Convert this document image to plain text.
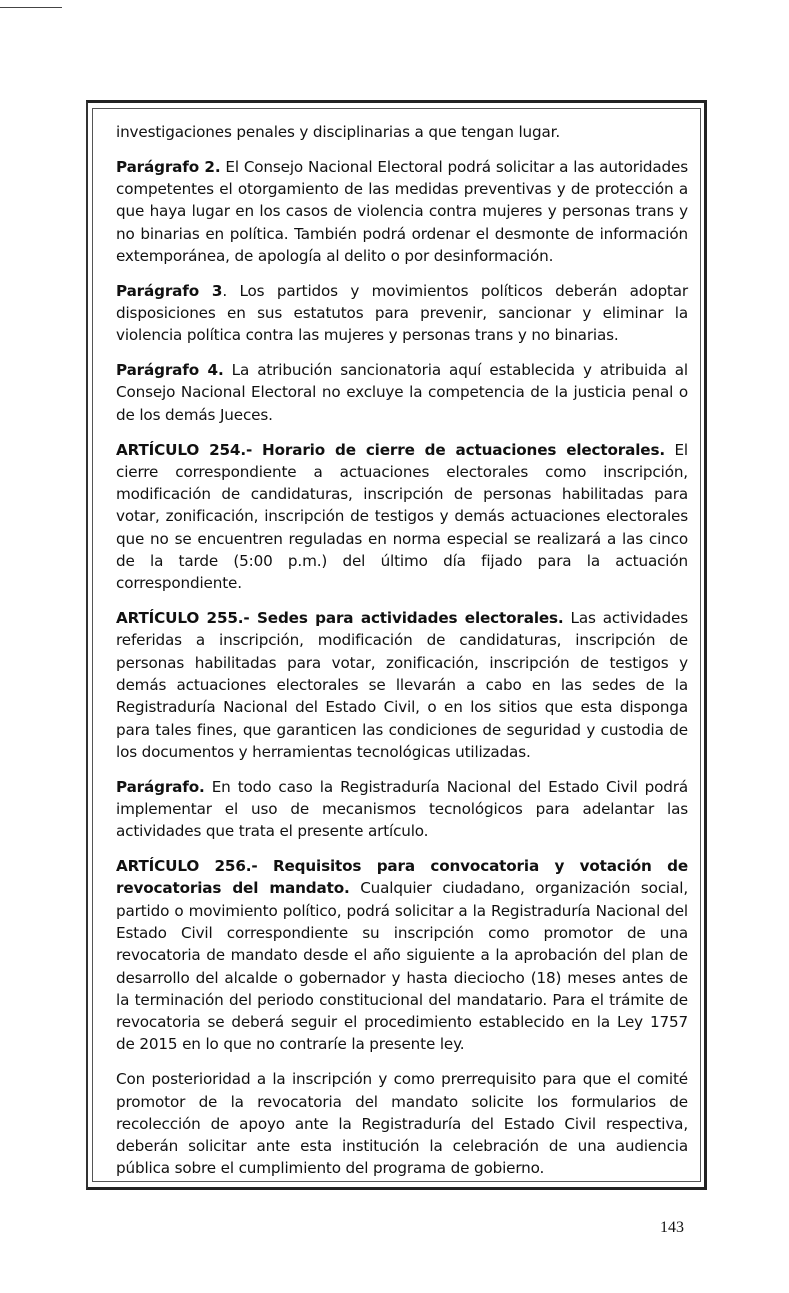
investigaciones penales y disciplinarias a que tengan lugar.

Parágrafo 2. El Consejo Nacional Electoral podrá solicitar a las autoridades competentes el otorgamiento de las medidas preventivas y de protección a que haya lugar en los casos de violencia contra mujeres y personas trans y no binarias en política. También podrá ordenar el desmonte de información extemporánea, de apología al delito o por desinformación.

Parágrafo 3. Los partidos y movimientos políticos deberán adoptar disposiciones en sus estatutos para prevenir, sancionar y eliminar la violencia política contra las mujeres y personas trans y no binarias.

Parágrafo 4. La atribución sancionatoria aquí establecida y atribuida al Consejo Nacional Electoral no excluye la competencia de la justicia penal o de los demás Jueces.

ARTÍCULO 254.- Horario de cierre de actuaciones electorales. El cierre correspondiente a actuaciones electorales como inscripción, modificación de candidaturas, inscripción de personas habilitadas para votar, zonificación, inscripción de testigos y demás actuaciones electorales que no se encuentren reguladas en norma especial se realizará a las cinco de la tarde (5:00 p.m.) del último día fijado para la actuación correspondiente.

ARTÍCULO 255.- Sedes para actividades electorales. Las actividades referidas a inscripción, modificación de candidaturas, inscripción de personas habilitadas para votar, zonificación, inscripción de testigos y demás actuaciones electorales se llevarán a cabo en las sedes de la Registraduría Nacional del Estado Civil, o en los sitios que esta disponga para tales fines, que garanticen las condiciones de seguridad y custodia de los documentos y herramientas tecnológicas utilizadas.

Parágrafo. En todo caso la Registraduría Nacional del Estado Civil podrá implementar el uso de mecanismos tecnológicos para adelantar las actividades que trata el presente artículo.

ARTÍCULO 256.- Requisitos para convocatoria y votación de revocatorias del mandato. Cualquier ciudadano, organización social, partido o movimiento político, podrá solicitar a la Registraduría Nacional del Estado Civil correspondiente su inscripción como promotor de una revocatoria de mandato desde el año siguiente a la aprobación del plan de desarrollo del alcalde o gobernador y hasta dieciocho (18) meses antes de la terminación del periodo constitucional del mandatario. Para el trámite de revocatoria se deberá seguir el procedimiento establecido en la Ley 1757 de 2015 en lo que no contraríe la presente ley.

Con posterioridad a la inscripción y como prerrequisito para que el comité promotor de la revocatoria del mandato solicite los formularios de recolección de apoyo ante la Registraduría del Estado Civil respectiva, deberán solicitar ante esta institución la celebración de una audiencia pública sobre el cumplimiento del programa de gobierno.

143
